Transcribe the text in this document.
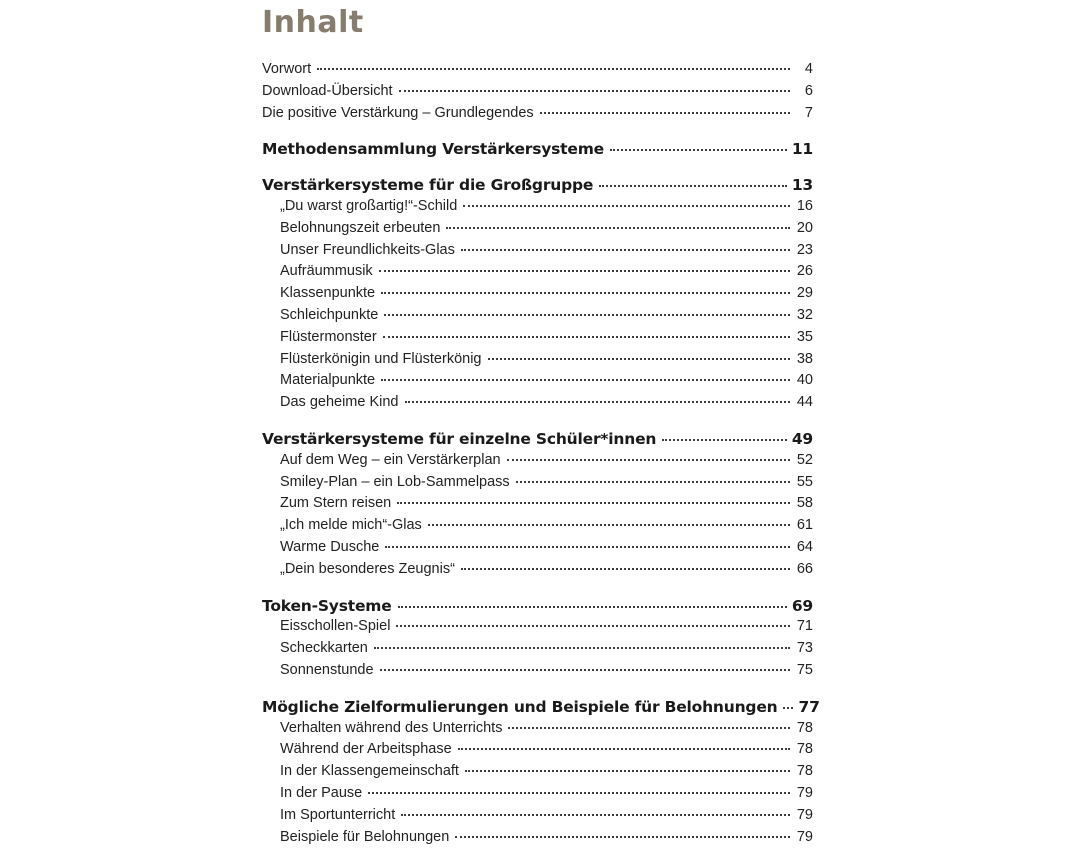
Inhalt
Vorwort	4
Download-Übersicht	6
Die positive Verstärkung – Grundlegendes	7
Methodensammlung Verstärkersysteme	11
Verstärkersysteme für die Großgruppe	13
„Du warst großartig!“-Schild	16
Belohnungszeit erbeuten	20
Unser Freundlichkeits-Glas	23
Aufräummusik	26
Klassenpunkte	29
Schleichpunkte	32
Flüstermonster	35
Flüsterkönigin und Flüsterkönig	38
Materialpunkte	40
Das geheime Kind	44
Verstärkersysteme für einzelne Schüler*innen	49
Auf dem Weg – ein Verstärkerplan	52
Smiley-Plan – ein Lob-Sammelpass	55
Zum Stern reisen	58
„Ich melde mich“-Glas	61
Warme Dusche	64
„Dein besonderes Zeugnis“	66
Token-Systeme	69
Eisschollen-Spiel	71
Scheckkarten	73
Sonnenstunde	75
Mögliche Zielformulierungen und Beispiele für Belohnungen 77
Verhalten während des Unterrichts	78
Während der Arbeitsphase	78
In der Klassengemeinschaft	78
In der Pause	79
Im Sportunterricht	79
Beispiele für Belohnungen	79
